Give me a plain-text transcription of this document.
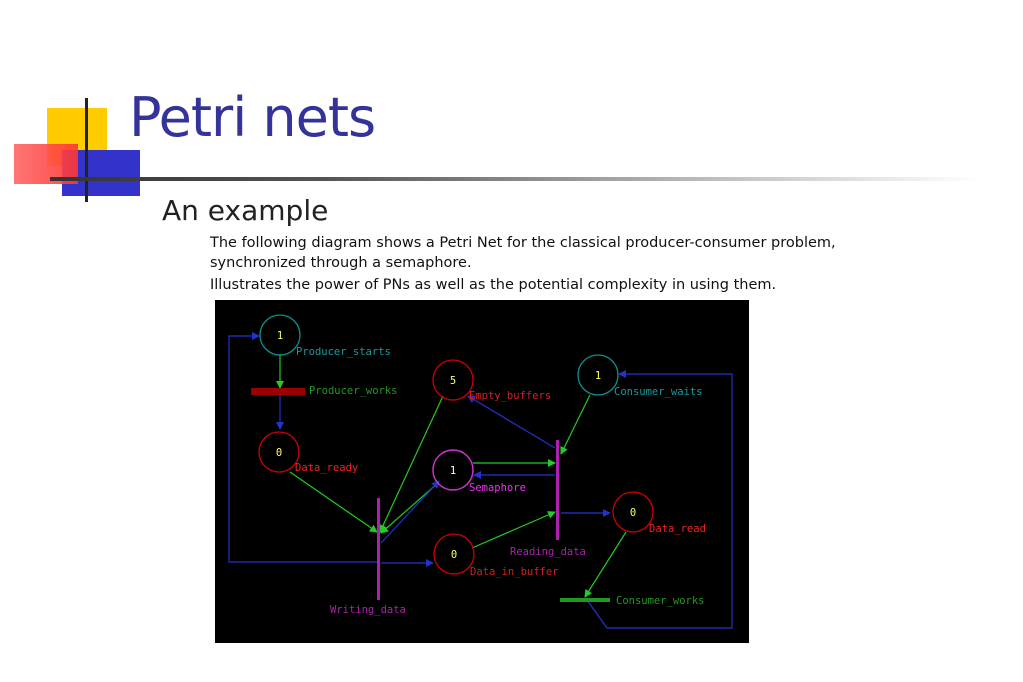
Petri nets
An example
The following diagram shows a Petri Net for the classical producer-consumer problem, synchronized through a semaphore.
Illustrates the power of PNs as well as the potential complexity in using them.
1
5	1
0
1
0
0
Producer_starts
Producer_works	Empty_buffers	Consumer_waits
Data_ready
Semaphore
Data_read
Reading_data
Data_in_buffer
Consumer_works
Writing_data
